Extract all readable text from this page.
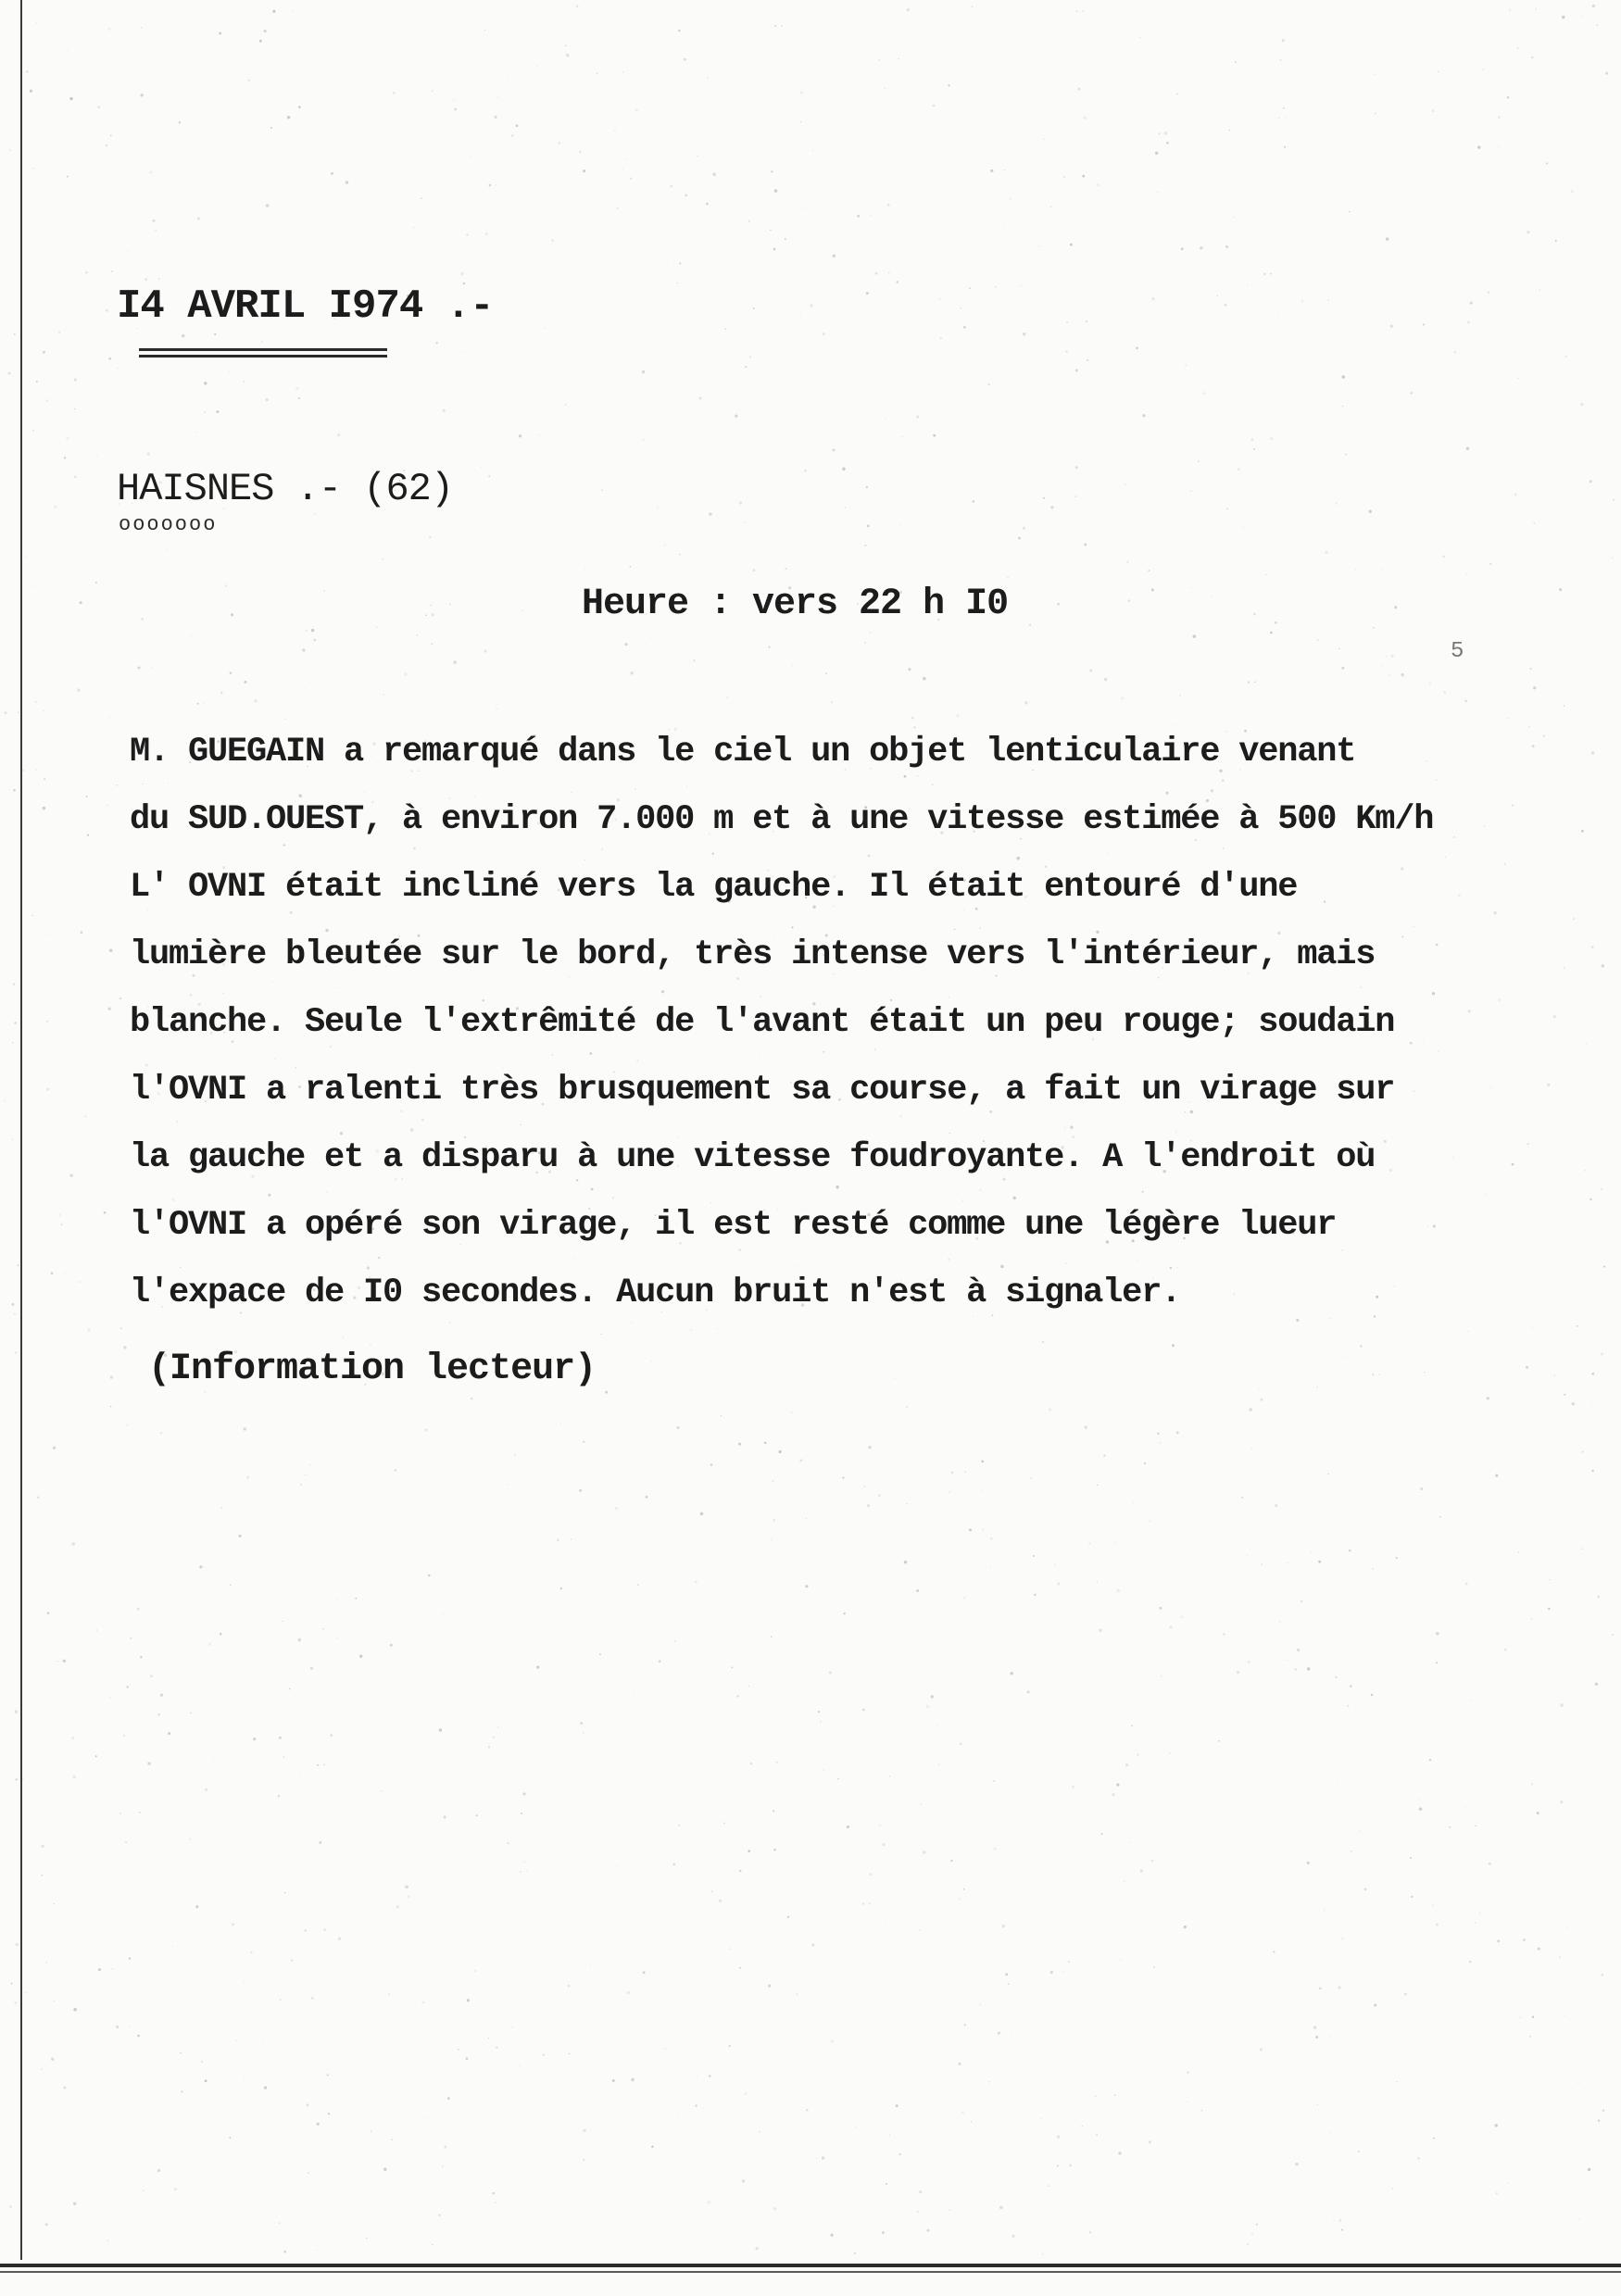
I4 AVRIL I974 .-
HAISNES .- (62)
ooooooo
Heure : vers 22 h I0
5
M. GUEGAIN a remarqué dans le ciel un objet lenticulaire venant
du SUD.OUEST, à environ 7.000 m et à une vitesse estimée à 500 Km/h
L' OVNI était incliné vers la gauche. Il était entouré d'une
lumière bleutée sur le bord, très intense vers l'intérieur, mais
blanche. Seule l'extrêmité de l'avant était un peu rouge; soudain
l'OVNI a ralenti très brusquement sa course, a fait un virage sur
la gauche et a disparu à une vitesse foudroyante. A l'endroit où
l'OVNI a opéré son virage, il est resté comme une légère lueur
l'expace de I0 secondes. Aucun bruit n'est à signaler.
(Information lecteur)
